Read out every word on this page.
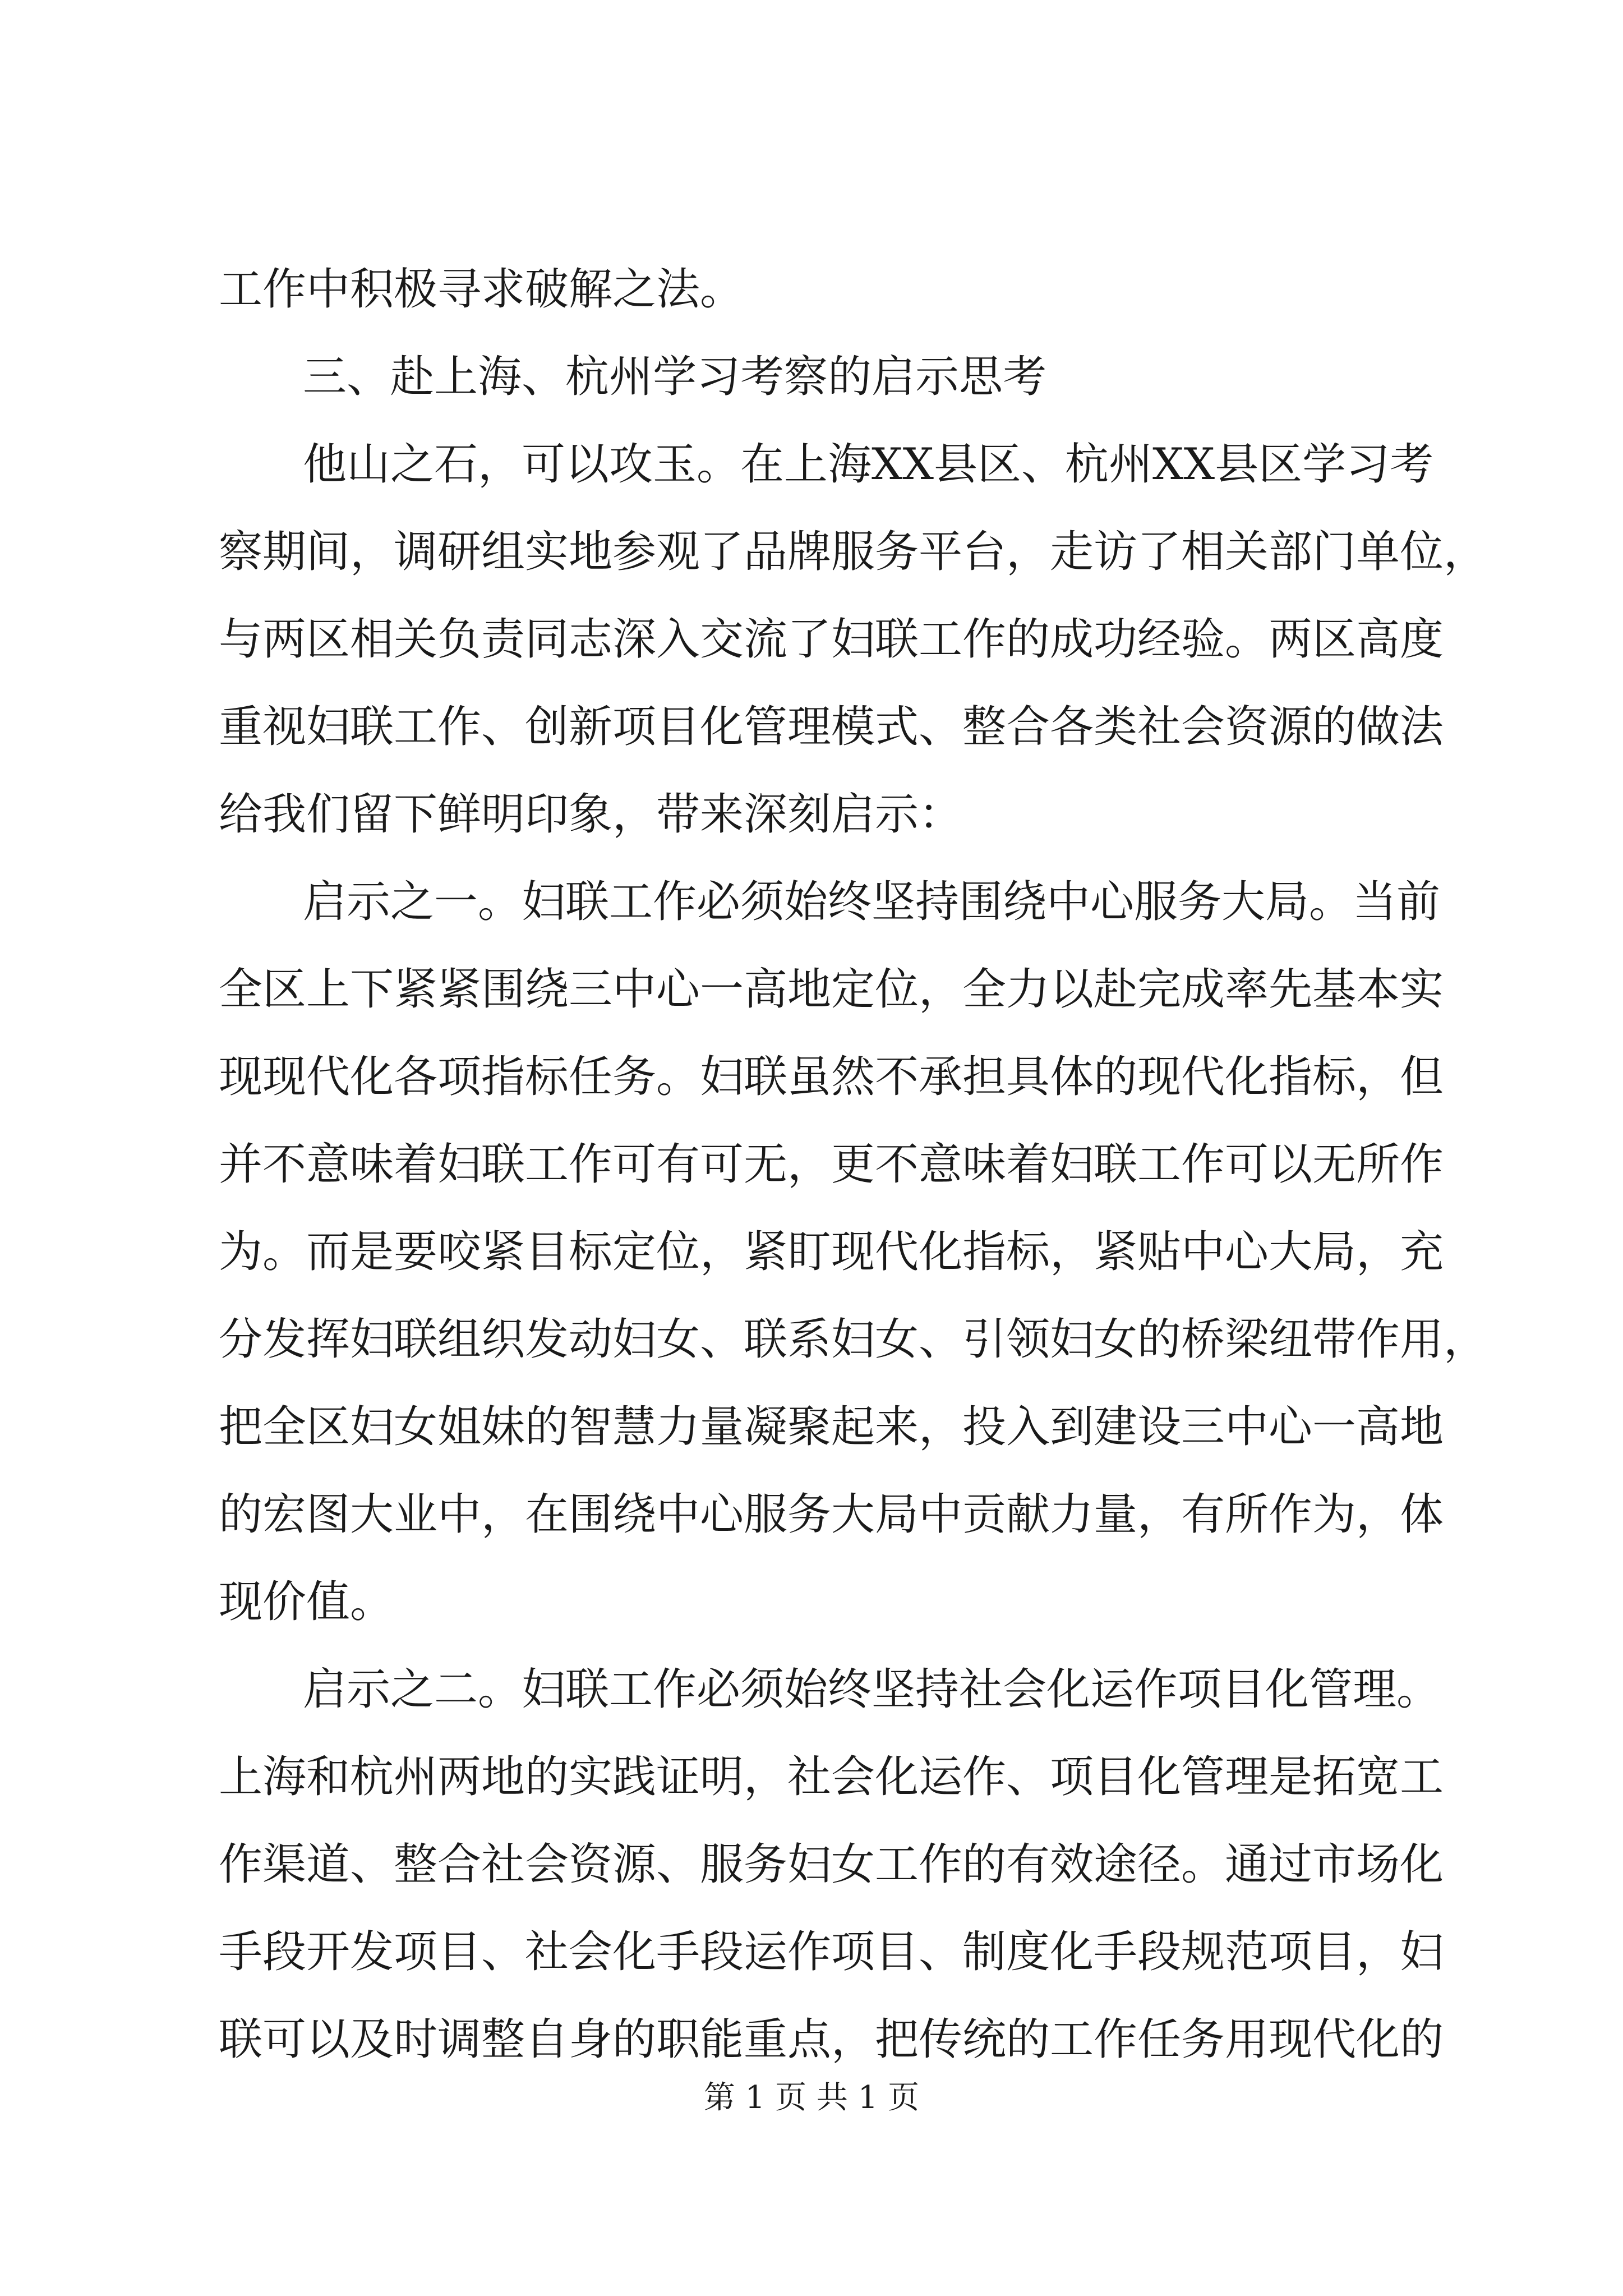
工作中积极寻求破解之法。
三、赴上海、杭州学习考察的启示思考
他山之石，可以攻玉。在上海XX县区、杭州XX县区学习考
察期间，调研组实地参观了品牌服务平台，走访了相关部门单位，
与两区相关负责同志深入交流了妇联工作的成功经验。两区高度
重视妇联工作、创新项目化管理模式、整合各类社会资源的做法
给我们留下鲜明印象，带来深刻启示：
启示之一。妇联工作必须始终坚持围绕中心服务大局。当前
全区上下紧紧围绕三中心一高地定位，全力以赴完成率先基本实
现现代化各项指标任务。妇联虽然不承担具体的现代化指标，但
并不意味着妇联工作可有可无，更不意味着妇联工作可以无所作
为。而是要咬紧目标定位，紧盯现代化指标，紧贴中心大局，充
分发挥妇联组织发动妇女、联系妇女、引领妇女的桥梁纽带作用，
把全区妇女姐妹的智慧力量凝聚起来，投入到建设三中心一高地
的宏图大业中，在围绕中心服务大局中贡献力量，有所作为，体
现价值。
启示之二。妇联工作必须始终坚持社会化运作项目化管理。
上海和杭州两地的实践证明，社会化运作、项目化管理是拓宽工
作渠道、整合社会资源、服务妇女工作的有效途径。通过市场化
手段开发项目、社会化手段运作项目、制度化手段规范项目，妇
联可以及时调整自身的职能重点，把传统的工作任务用现代化的
第 1 页 共 1 页
